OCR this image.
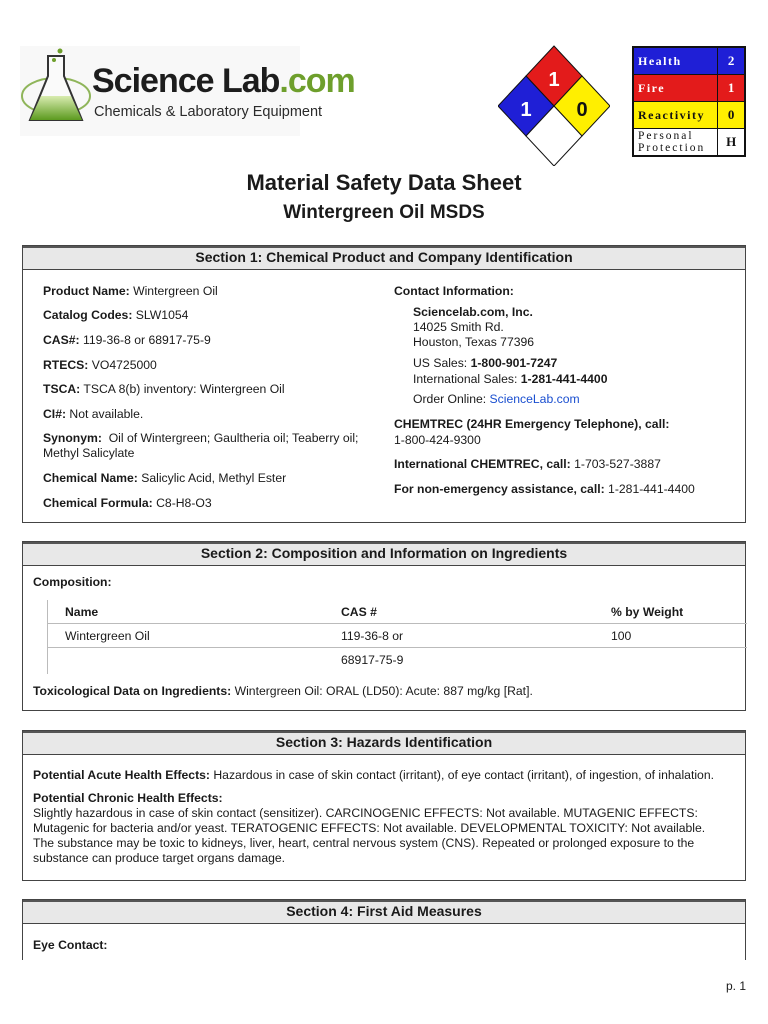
Science Lab.com
Chemicals & Laboratory Equipment
1
1 0
Health	2
Fire	1
Reactivity	0
Personal
Protection	H
Material Safety Data Sheet
Wintergreen Oil MSDS
Section 1: Chemical Product and Company Identification
Product Name: Wintergreen Oil
Catalog Codes: SLW1054
CAS#: 119-36-8 or 68917-75-9
RTECS: VO4725000
TSCA: TSCA 8(b) inventory: Wintergreen Oil
CI#: Not available.
Synonym: Oil of Wintergreen; Gaultheria oil; Teaberry oil;
Methyl Salicylate
Chemical Name: Salicylic Acid, Methyl Ester
Chemical Formula: C8-H8-O3
Contact Information:
Sciencelab.com, Inc.
14025 Smith Rd.
Houston, Texas 77396
US Sales: 1-800-901-7247
International Sales: 1-281-441-4400
Order Online: ScienceLab.com
CHEMTREC (24HR Emergency Telephone), call:
1-800-424-9300
International CHEMTREC, call: 1-703-527-3887
For non-emergency assistance, call: 1-281-441-4400
Section 2: Composition and Information on Ingredients
Composition:
Name	CAS #	% by Weight
Wintergreen Oil	119-36-8 or	100
	68917-75-9	
Toxicological Data on Ingredients: Wintergreen Oil: ORAL (LD50): Acute: 887 mg/kg [Rat].
Section 3: Hazards Identification
Potential Acute Health Effects: Hazardous in case of skin contact (irritant), of eye contact (irritant), of ingestion, of inhalation.
Potential Chronic Health Effects:
Slightly hazardous in case of skin contact (sensitizer). CARCINOGENIC EFFECTS: Not available. MUTAGENIC EFFECTS:
Mutagenic for bacteria and/or yeast. TERATOGENIC EFFECTS: Not available. DEVELOPMENTAL TOXICITY: Not available.
The substance may be toxic to kidneys, liver, heart, central nervous system (CNS). Repeated or prolonged exposure to the
substance can produce target organs damage.
Section 4: First Aid Measures
Eye Contact:
p. 1
